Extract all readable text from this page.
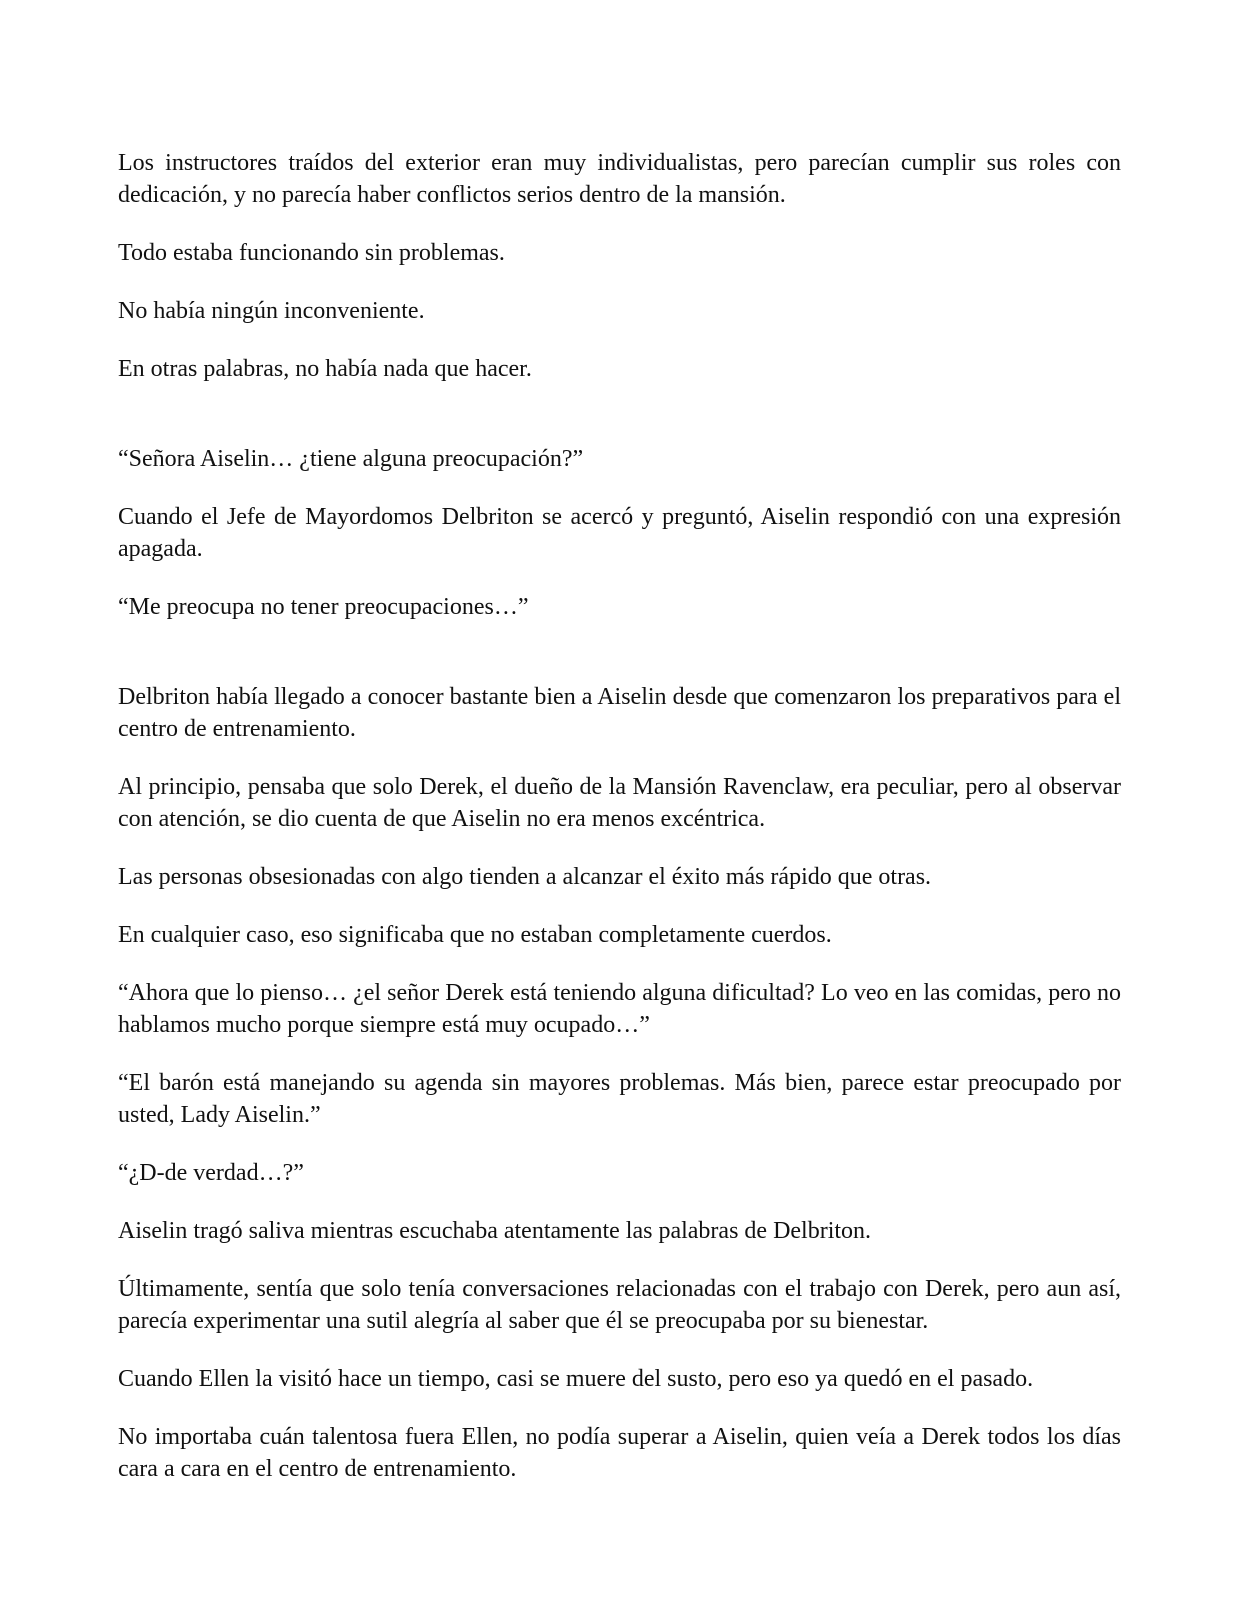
Los instructores traídos del exterior eran muy individualistas, pero parecían cumplir sus roles con dedicación, y no parecía haber conflictos serios dentro de la mansión.

Todo estaba funcionando sin problemas.

No había ningún inconveniente.

En otras palabras, no había nada que hacer.

“Señora Aiselin… ¿tiene alguna preocupación?”

Cuando el Jefe de Mayordomos Delbriton se acercó y preguntó, Aiselin respondió con una expresión apagada.

“Me preocupa no tener preocupaciones…”

Delbriton había llegado a conocer bastante bien a Aiselin desde que comenzaron los preparativos para el centro de entrenamiento.

Al principio, pensaba que solo Derek, el dueño de la Mansión Ravenclaw, era peculiar, pero al observar con atención, se dio cuenta de que Aiselin no era menos excéntrica.

Las personas obsesionadas con algo tienden a alcanzar el éxito más rápido que otras.

En cualquier caso, eso significaba que no estaban completamente cuerdos.

“Ahora que lo pienso… ¿el señor Derek está teniendo alguna dificultad? Lo veo en las comidas, pero no hablamos mucho porque siempre está muy ocupado…”

“El barón está manejando su agenda sin mayores problemas. Más bien, parece estar preocupado por usted, Lady Aiselin.”

“¿D-de verdad…?”

Aiselin tragó saliva mientras escuchaba atentamente las palabras de Delbriton.

Últimamente, sentía que solo tenía conversaciones relacionadas con el trabajo con Derek, pero aun así, parecía experimentar una sutil alegría al saber que él se preocupaba por su bienestar.

Cuando Ellen la visitó hace un tiempo, casi se muere del susto, pero eso ya quedó en el pasado.

No importaba cuán talentosa fuera Ellen, no podía superar a Aiselin, quien veía a Derek todos los días cara a cara en el centro de entrenamiento.
